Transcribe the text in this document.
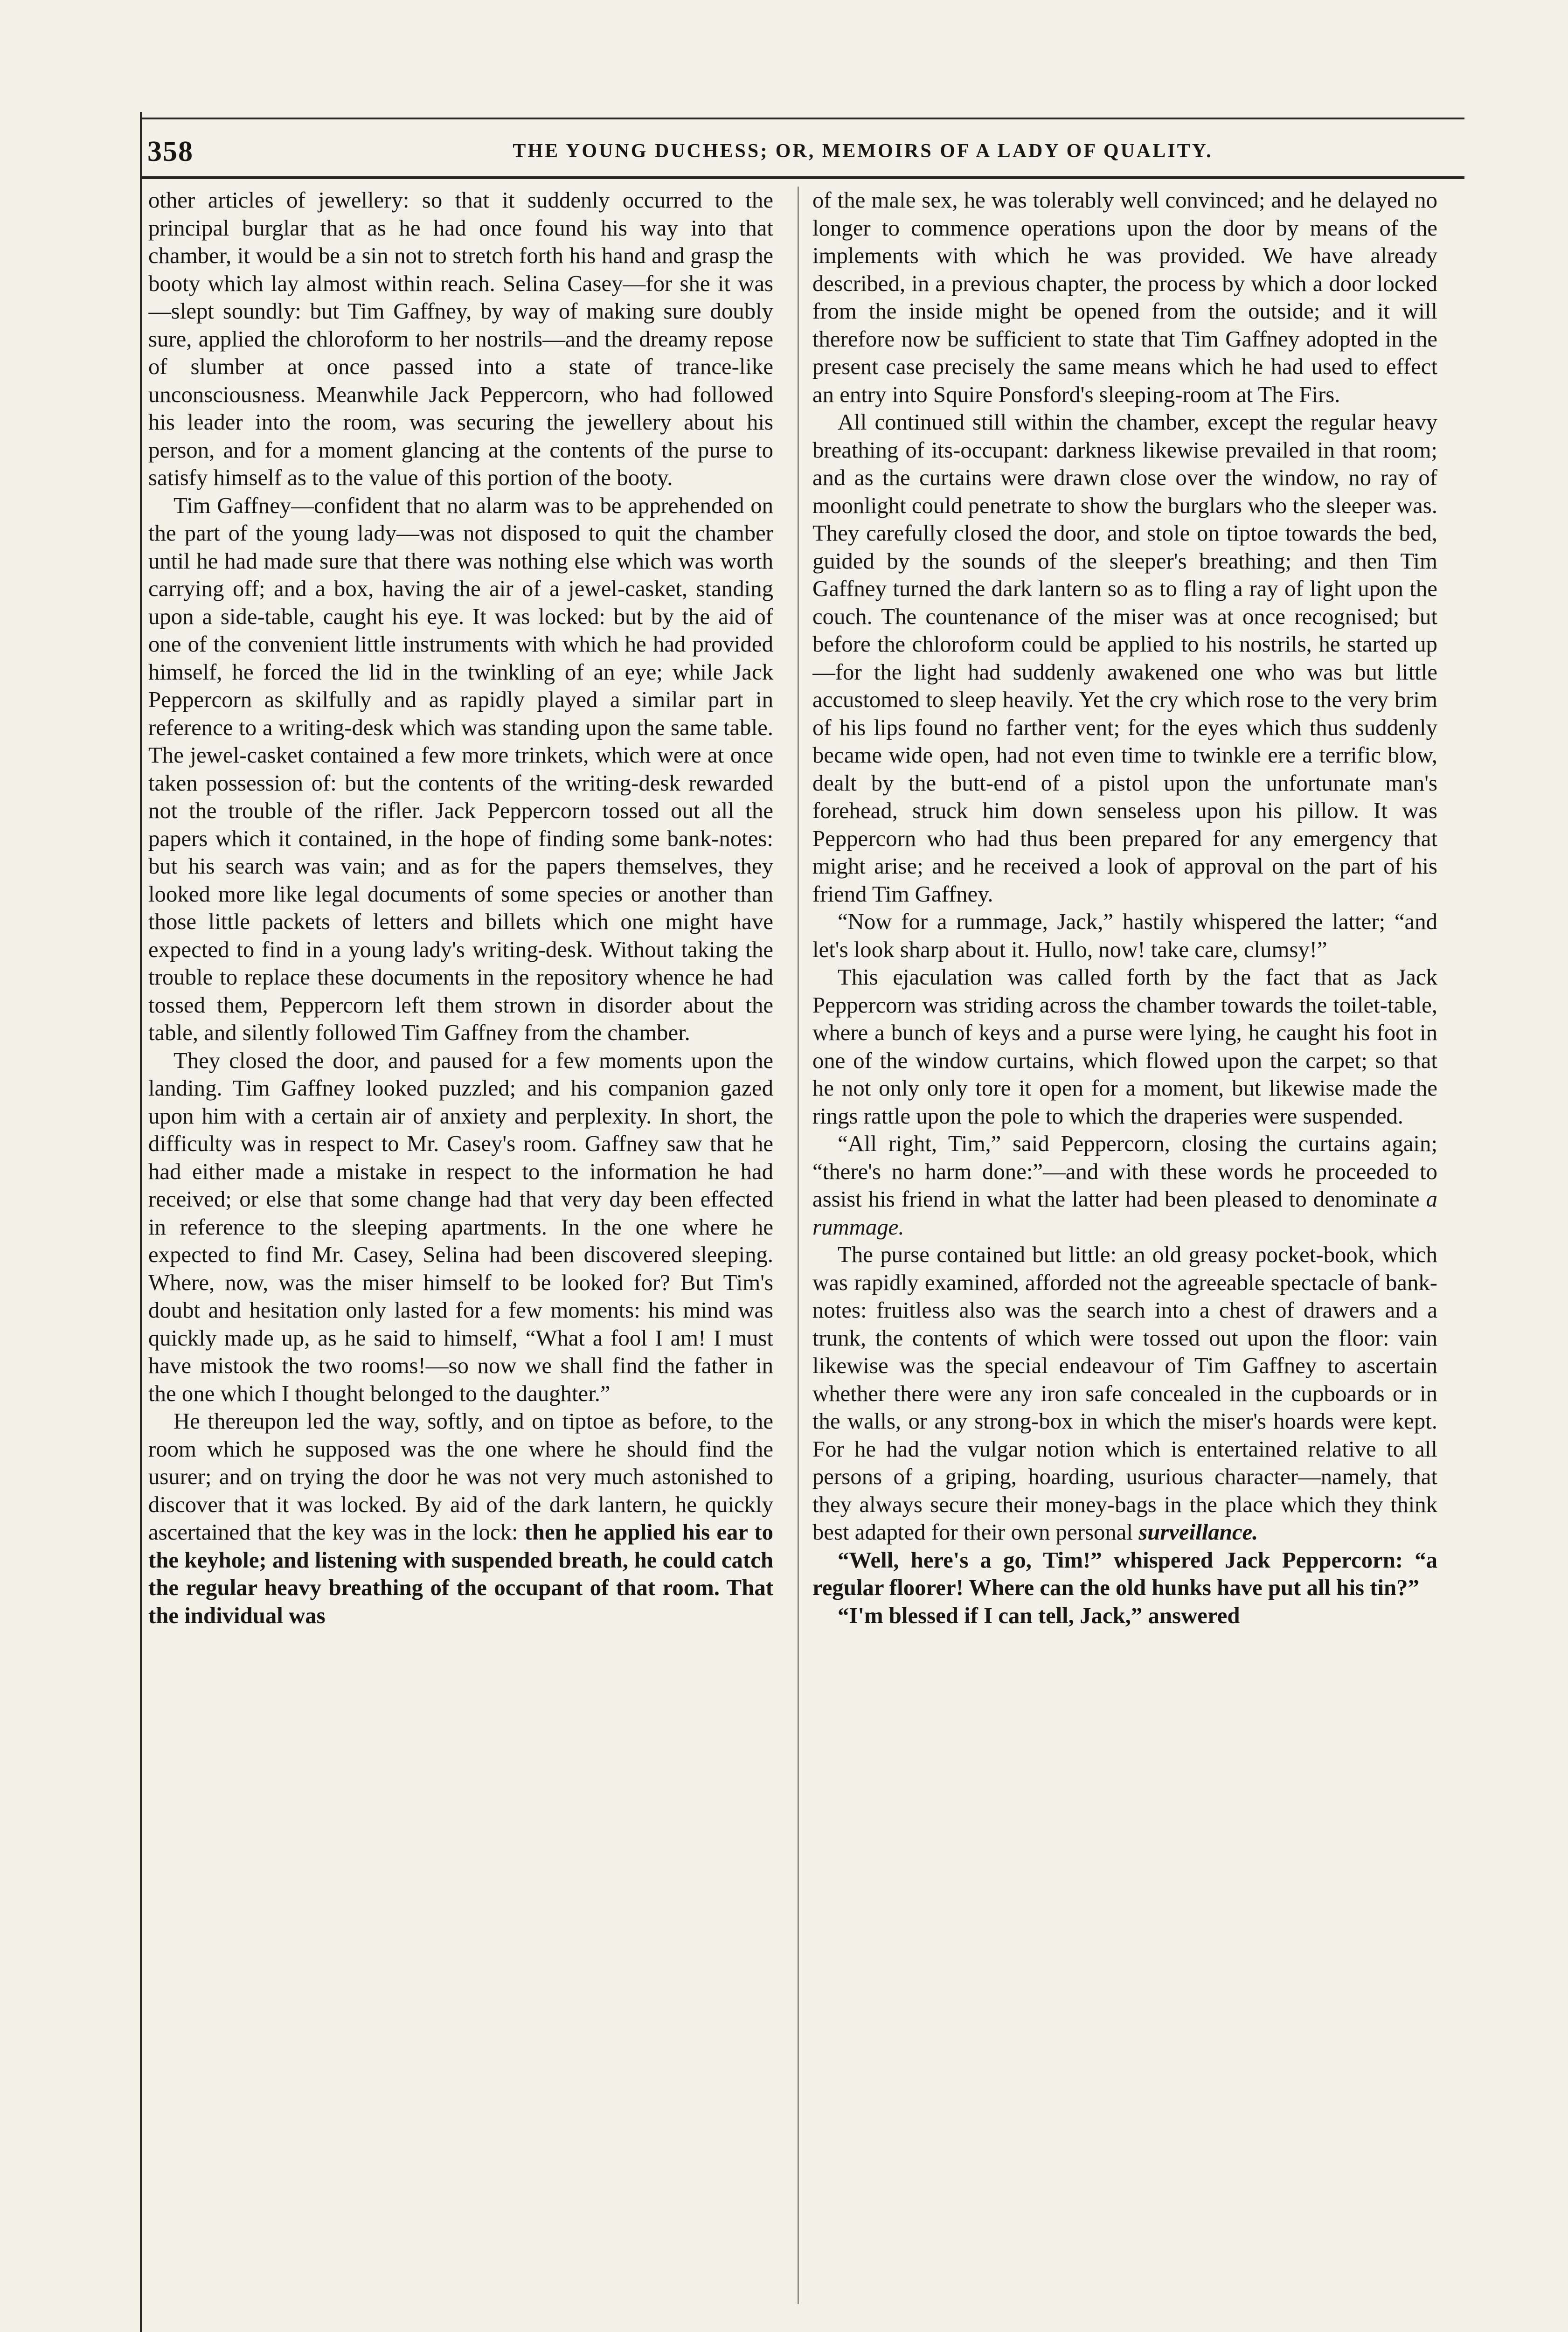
358	THE YOUNG DUCHESS; OR, MEMOIRS OF A LADY OF QUALITY.

other articles of jewellery: so that it suddenly occurred to the principal burglar that as he had once found his way into that chamber, it would be a sin not to stretch forth his hand and grasp the booty which lay almost within reach. Selina Casey—for she it was—slept soundly: but Tim Gaffney, by way of making sure doubly sure, applied the chloroform to her nostrils—and the dreamy repose of slumber at once passed into a state of trance-like unconsciousness. Meanwhile Jack Peppercorn, who had followed his leader into the room, was securing the jewellery about his person, and for a moment glancing at the contents of the purse to satisfy himself as to the value of this portion of the booty.

Tim Gaffney—confident that no alarm was to be apprehended on the part of the young lady—was not disposed to quit the chamber until he had made sure that there was nothing else which was worth carrying off; and a box, having the air of a jewel-casket, standing upon a side-table, caught his eye. It was locked: but by the aid of one of the convenient little instruments with which he had provided himself, he forced the lid in the twinkling of an eye; while Jack Peppercorn as skilfully and as rapidly played a similar part in reference to a writing-desk which was standing upon the same table. The jewel-casket contained a few more trinkets, which were at once taken possession of: but the contents of the writing-desk rewarded not the trouble of the rifler. Jack Peppercorn tossed out all the papers which it contained, in the hope of finding some bank-notes: but his search was vain; and as for the papers themselves, they looked more like legal documents of some species or another than those little packets of letters and billets which one might have expected to find in a young lady's writing-desk. Without taking the trouble to replace these documents in the repository whence he had tossed them, Peppercorn left them strown in disorder about the table, and silently followed Tim Gaffney from the chamber.

They closed the door, and paused for a few moments upon the landing. Tim Gaffney looked puzzled; and his companion gazed upon him with a certain air of anxiety and perplexity. In short, the difficulty was in respect to Mr. Casey's room. Gaffney saw that he had either made a mistake in respect to the information he had received; or else that some change had that very day been effected in reference to the sleeping apartments. In the one where he expected to find Mr. Casey, Selina had been discovered sleeping. Where, now, was the miser himself to be looked for? But Tim's doubt and hesitation only lasted for a few moments: his mind was quickly made up, as he said to himself, “What a fool I am! I must have mistook the two rooms!—so now we shall find the father in the one which I thought belonged to the daughter.”

He thereupon led the way, softly, and on tiptoe as before, to the room which he supposed was the one where he should find the usurer; and on trying the door he was not very much astonished to discover that it was locked. By aid of the dark lantern, he quickly ascertained that the key was in the lock: then he applied his ear to the keyhole; and listening with suspended breath, he could catch the regular heavy breathing of the occupant of that room. That the individual was

of the male sex, he was tolerably well convinced; and he delayed no longer to commence operations upon the door by means of the implements with which he was provided. We have already described, in a previous chapter, the process by which a door locked from the inside might be opened from the outside; and it will therefore now be sufficient to state that Tim Gaffney adopted in the present case precisely the same means which he had used to effect an entry into Squire Ponsford's sleeping-room at The Firs.

All continued still within the chamber, except the regular heavy breathing of its-occupant: darkness likewise prevailed in that room; and as the curtains were drawn close over the window, no ray of moonlight could penetrate to show the burglars who the sleeper was. They carefully closed the door, and stole on tiptoe towards the bed, guided by the sounds of the sleeper's breathing; and then Tim Gaffney turned the dark lantern so as to fling a ray of light upon the couch. The countenance of the miser was at once recognised; but before the chloroform could be applied to his nostrils, he started up—for the light had suddenly awakened one who was but little accustomed to sleep heavily. Yet the cry which rose to the very brim of his lips found no farther vent; for the eyes which thus suddenly became wide open, had not even time to twinkle ere a terrific blow, dealt by the butt-end of a pistol upon the unfortunate man's forehead, struck him down senseless upon his pillow. It was Peppercorn who had thus been prepared for any emergency that might arise; and he received a look of approval on the part of his friend Tim Gaffney.

“Now for a rummage, Jack,” hastily whispered the latter; “and let's look sharp about it. Hullo, now! take care, clumsy!”

This ejaculation was called forth by the fact that as Jack Peppercorn was striding across the chamber towards the toilet-table, where a bunch of keys and a purse were lying, he caught his foot in one of the window curtains, which flowed upon the carpet; so that he not only only tore it open for a moment, but likewise made the rings rattle upon the pole to which the draperies were suspended.

“All right, Tim,” said Peppercorn, closing the curtains again; “there's no harm done:”—and with these words he proceeded to assist his friend in what the latter had been pleased to denominate a rummage.

The purse contained but little: an old greasy pocket-book, which was rapidly examined, afforded not the agreeable spectacle of bank-notes: fruitless also was the search into a chest of drawers and a trunk, the contents of which were tossed out upon the floor: vain likewise was the special endeavour of Tim Gaffney to ascertain whether there were any iron safe concealed in the cupboards or in the walls, or any strong-box in which the miser's hoards were kept. For he had the vulgar notion which is entertained relative to all persons of a griping, hoarding, usurious character—namely, that they always secure their money-bags in the place which they think best adapted for their own personal surveillance.

“Well, here's a go, Tim!” whispered Jack Peppercorn: “a regular floorer! Where can the old hunks have put all his tin?”

“I'm blessed if I can tell, Jack,” answered
